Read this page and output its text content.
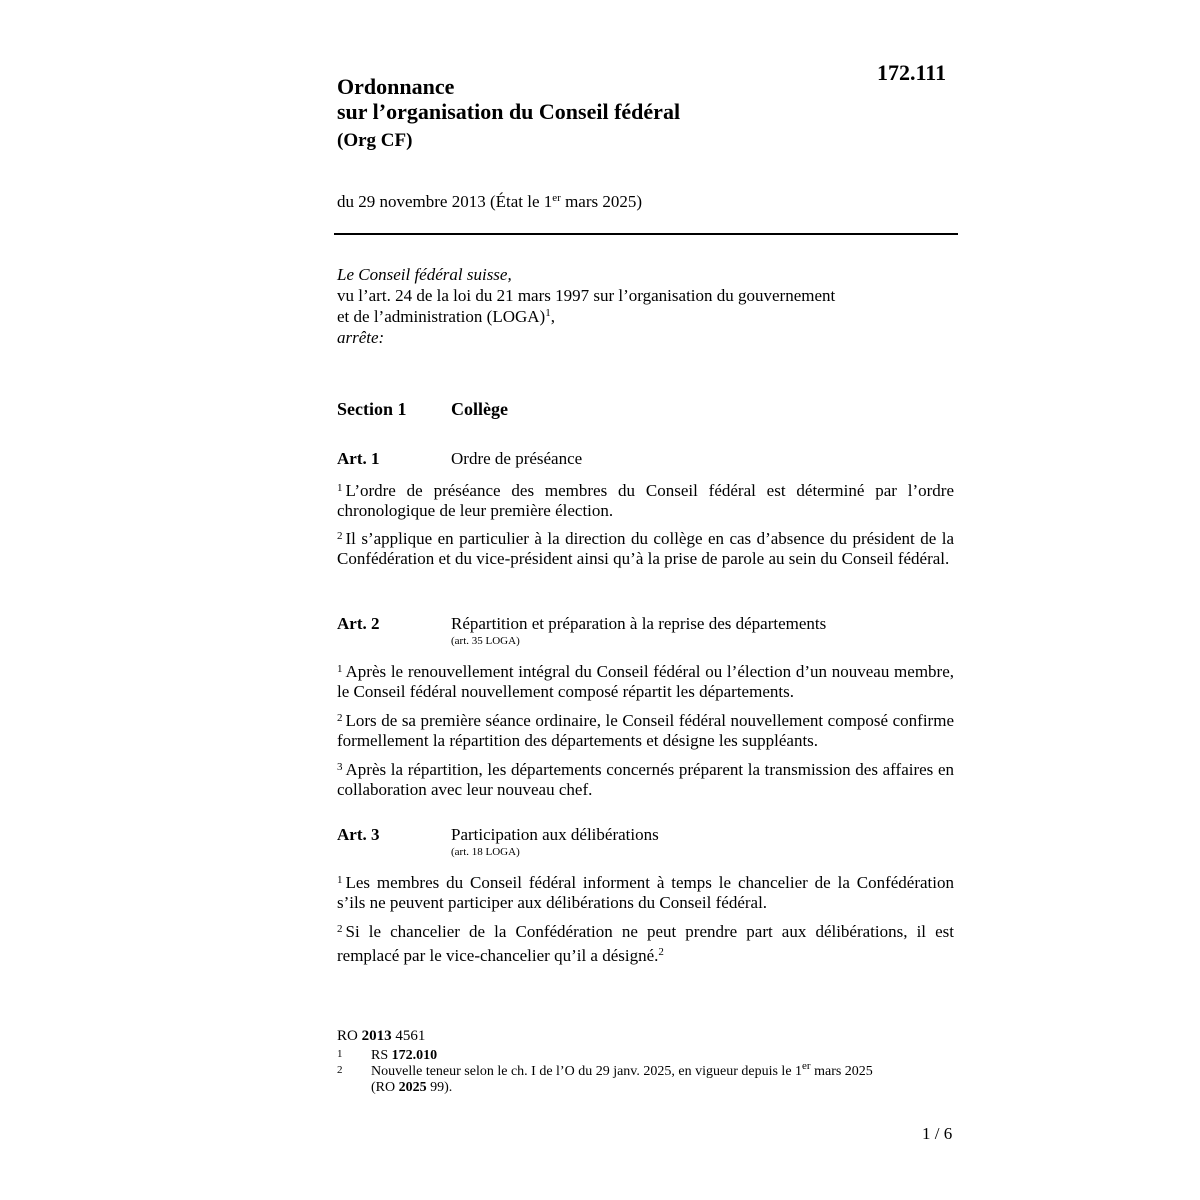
172.111
Ordonnance
sur l’organisation du Conseil fédéral
(Org CF)
du 29 novembre 2013 (État le 1er mars 2025)

Le Conseil fédéral suisse,

vu l’art. 24 de la loi du 21 mars 1997 sur l’organisation du gouvernement

et de l’administration (LOGA)$^1$,

arrête:

Section 1 Collège
Art. 1	Ordre de préséance
$^1$ L’ordre de préséance des membres du Conseil fédéral est déterminé par l’ordre chronologique de leur première élection.
$^2$ Il s’applique en particulier à la direction du collège en cas d’absence du président de la Confédération et du vice-président ainsi qu’à la prise de parole au sein du Conseil fédéral.
Art. 2	Répartition et préparation à la reprise des départements
(art. 35 LOGA)
$^1$ Après le renouvellement intégral du Conseil fédéral ou l’élection d’un nouveau membre, le Conseil fédéral nouvellement composé répartit les départements.
$^2$ Lors de sa première séance ordinaire, le Conseil fédéral nouvellement composé confirme formellement la répartition des départements et désigne les suppléants.
$^3$ Après la répartition, les départements concernés préparent la transmission des affaires en collaboration avec leur nouveau chef.
Art. 3	Participation aux délibérations
(art. 18 LOGA)
$^1$ Les membres du Conseil fédéral informent à temps le chancelier de la Confédération s’ils ne peuvent participer aux délibérations du Conseil fédéral.
$^2$ Si le chancelier de la Confédération ne peut prendre part aux délibérations, il est remplacé par le vice-chancelier qu’il a désigné.$^2$
RO 2013 4561
1 RS 172.010
2 Nouvelle teneur selon le ch. I de l’O du 29 janv. 2025, en vigueur depuis le 1er mars 2025
(RO 2025 99).
1 / 6
